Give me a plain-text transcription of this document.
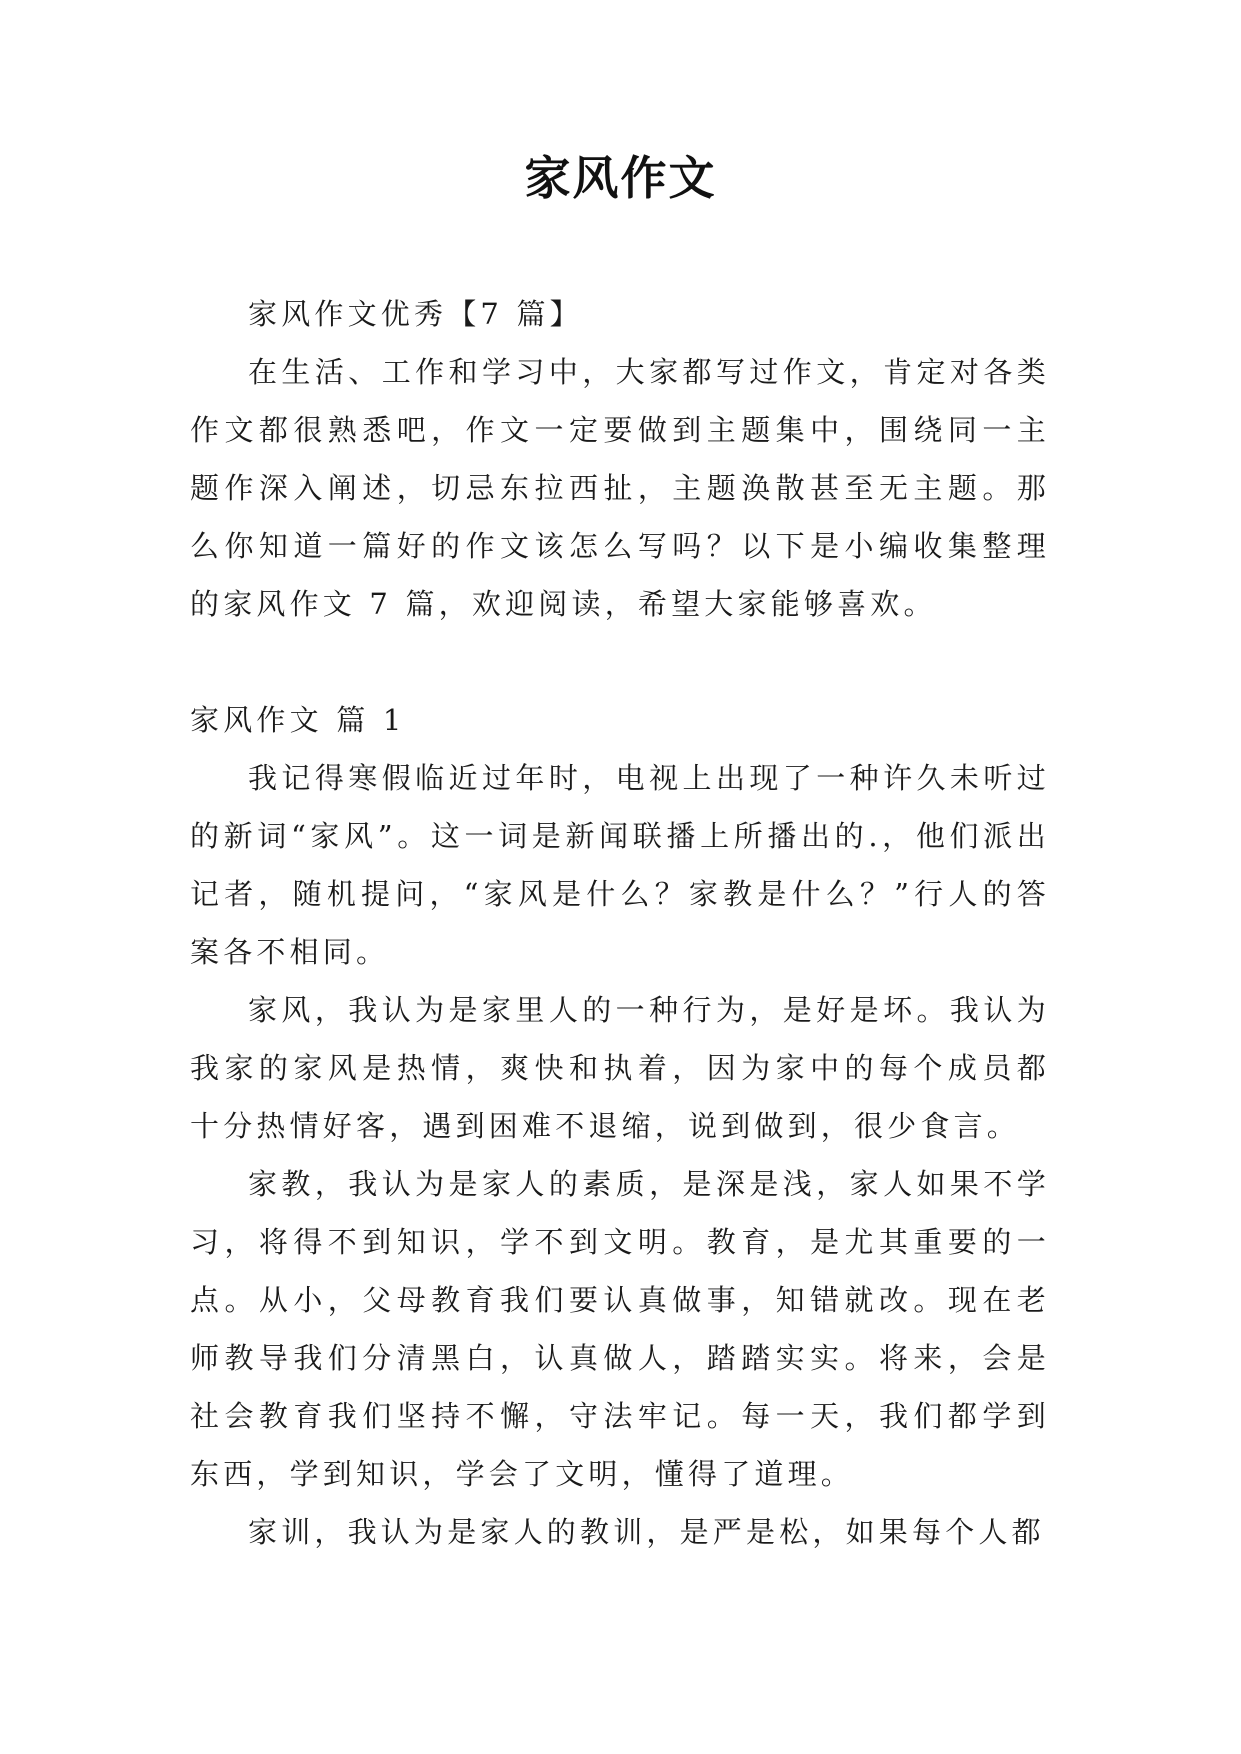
家风作文

家风作文优秀【7 篇】

在生活、工作和学习中，大家都写过作文，肯定对各类作文都很熟悉吧，作文一定要做到主题集中，围绕同一主题作深入阐述，切忌东拉西扯，主题涣散甚至无主题。那么你知道一篇好的作文该怎么写吗？以下是小编收集整理的家风作文 7 篇，欢迎阅读，希望大家能够喜欢。

家风作文 篇 1

我记得寒假临近过年时，电视上出现了一种许久未听过的新词“家风”。这一词是新闻联播上所播出的.，他们派出记者，随机提问，“家风是什么？家教是什么？”行人的答案各不相同。

家风，我认为是家里人的一种行为，是好是坏。我认为我家的家风是热情，爽快和执着，因为家中的每个成员都十分热情好客，遇到困难不退缩，说到做到，很少食言。

家教，我认为是家人的素质，是深是浅，家人如果不学习，将得不到知识，学不到文明。教育，是尤其重要的一点。从小，父母教育我们要认真做事，知错就改。现在老师教导我们分清黑白，认真做人，踏踏实实。将来，会是社会教育我们坚持不懈，守法牢记。每一天，我们都学到东西，学到知识，学会了文明，懂得了道理。

家训，我认为是家人的教训，是严是松，如果每个人都
